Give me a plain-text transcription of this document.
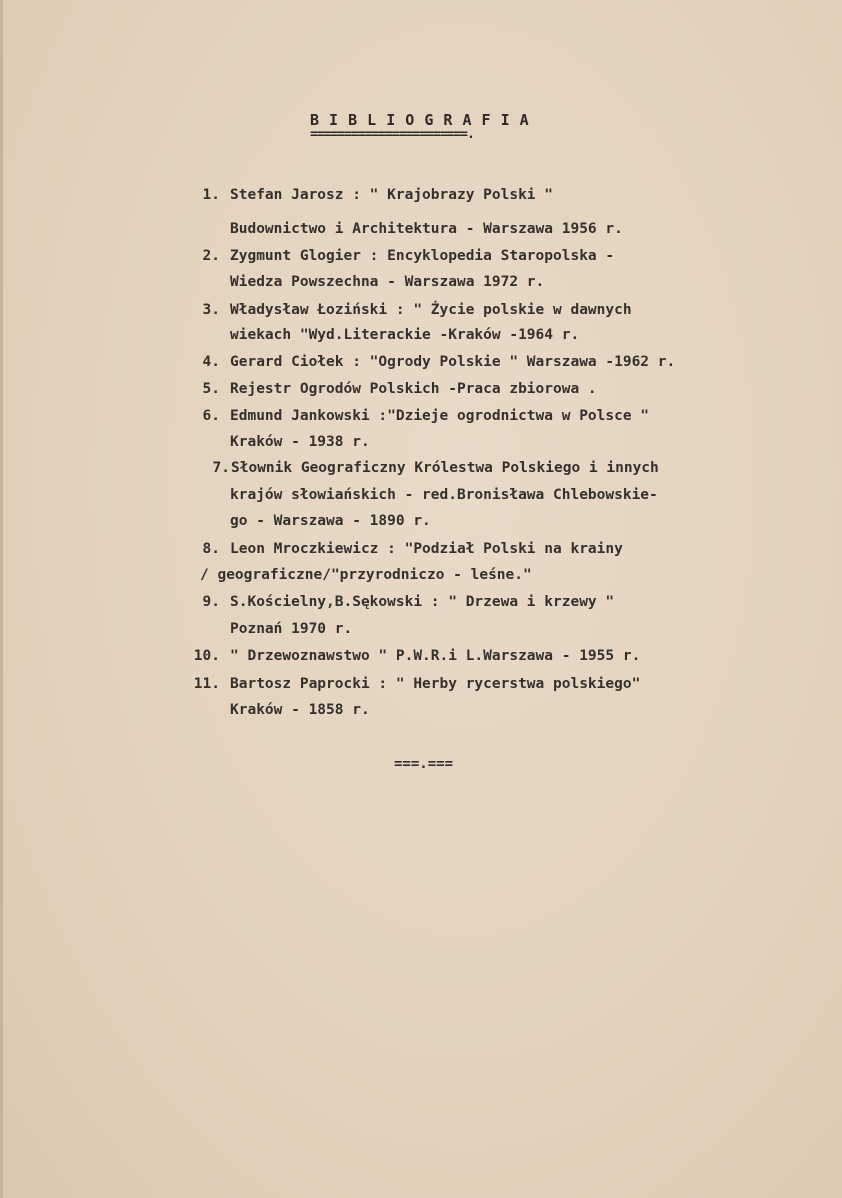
B I B L I O G R A F I A
=======================.
1. Stefan Jarosz : " Krajobrazy Polski "
Budownictwo i Architektura - Warszawa 1956 r.
2. Zygmunt Glogier : Encyklopedia Staropolska -
Wiedza Powszechna - Warszawa 1972 r.
3. Władysław Łoziński : " Życie polskie w dawnych
wiekach "Wyd.Literackie -Kraków -1964 r.
4. Gerard Ciołek : "Ogrody Polskie " Warszawa -1962 r.
5. Rejestr Ogrodów Polskich -Praca zbiorowa .
6. Edmund Jankowski :"Dzieje ogrodnictwa w Polsce "
Kraków - 1938 r.
7. Słownik Geograficzny Królestwa Polskiego i innych
krajów słowiańskich - red.Bronisława Chlebowskie-
go - Warszawa - 1890 r.
8. Leon Mroczkiewicz : "Podział Polski na krainy
/ geograficzne/"przyrodniczo - leśne."
9. S.Kościelny,B.Sękowski : " Drzewa i krzewy "
Poznań 1970 r.
10. " Drzewoznawstwo " P.W.R.i L.Warszawa - 1955 r.
11. Bartosz Paprocki : " Herby rycerstwa polskiego"
Kraków - 1858 r.
===.===
